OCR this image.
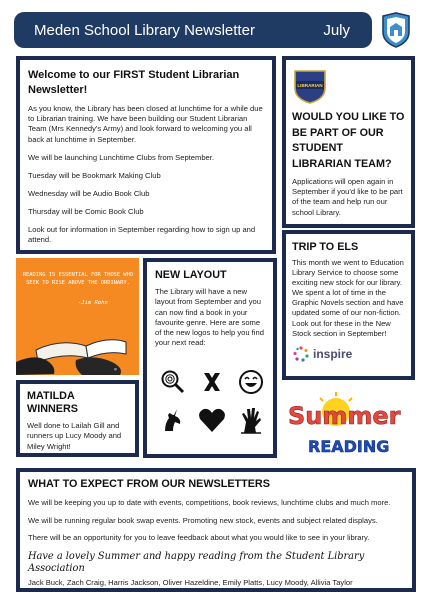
Meden School Library Newsletter	July
Welcome to our FIRST Student Librarian Newsletter!

As you know, the Library has been closed at lunchtime for a while due to Librarian training. We have been building our Student Librarian Team (Mrs Kennedy's Army) and look forward to welcoming you all back at lunchtime in September.

We will be launching Lunchtime Clubs from September.

Tuesday will be Bookmark Making Club

Wednesday will be Audio Book Club

Thursday will be Comic Book Club

Look out for information in September regarding how to sign up and attend.

LIBRARIAN
WOULD YOU LIKE TO BE PART OF OUR STUDENT LIBRARIAN TEAM?

Applications will open again in September if you'd like to be part of the team and help run our school Library.

TRIP TO ELS

This month we went to Education Library Service to choose some exciting new stock for our library. We spent a lot of time in the Graphic Novels section and have updated some of our non-fiction. Look out for these in the New Stock section in September!

inspire
READING IS ESSENTIAL FOR THOSE WHO SEEK TO RISE ABOVE THE ORDINARY.
-Jim Rohn
@
NEW LAYOUT

The Library will have a new layout from September and you can now find a book in your favourite genre. Here are some of the new logos to help you find your next read:

MATILDA WINNERS

Well done to Lailah Gill and runners up Lucy Moody and Miley Wright!

Summer
READING
WHAT TO EXPECT FROM OUR NEWSLETTERS

We will be keeping you up to date with events, competitions, book reviews, lunchtime clubs and much more.

We will be running regular book swap events. Promoting new stock, events and subject related displays.

There will be an opportunity for you to leave feedback about what you would like to see in your library.

Have a lovely Summer and happy reading from the Student Library Association

Jack Buck, Zach Craig, Harris Jackson, Oliver Hazeldine, Emily Platts, Lucy Moody, Allivia Taylor
